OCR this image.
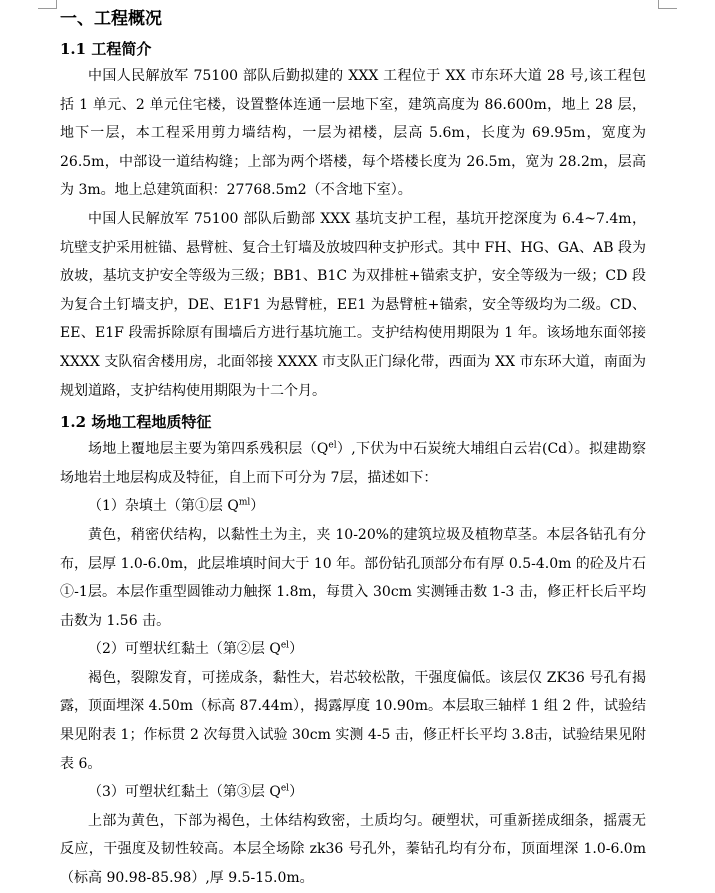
一、工程概况
1.1 工程简介

中国人民解放军 75100 部队后勤拟建的 XXX 工程位于 XX 市东环大道 28 号,该工程包括 1 单元、2 单元住宅楼，设置整体连通一层地下室，建筑高度为 86.600m，地上 28 层，地下一层，本工程采用剪力墙结构，一层为裙楼，层高 5.6m，长度为 69.95m，宽度为 26.5m，中部设一道结构缝；上部为两个塔楼，每个塔楼长度为 26.5m，宽为 28.2m，层高为 3m。地上总建筑面积：27768.5m2（不含地下室）。

中国人民解放军 75100 部队后勤部 XXX 基坑支护工程，基坑开挖深度为 6.4~7.4m，坑壁支护采用桩锚、悬臂桩、复合土钉墙及放坡四种支护形式。其中 FH、HG、GA、AB 段为放坡，基坑支护安全等级为三级；BB1、B1C 为双排桩+锚索支护，安全等级为一级；CD 段为复合土钉墙支护，DE、E1F1 为悬臂桩，EE1 为悬臂桩+锚索，安全等级均为二级。CD、EE、E1F 段需拆除原有围墙后方进行基坑施工。支护结构使用期限为 1 年。该场地东面邻接 XXXX 支队宿舍楼用房，北面邻接 XXXX 市支队正门绿化带，西面为 XX 市东环大道，南面为规划道路，支护结构使用期限为十二个月。

1.2 场地工程地质特征

场地上覆地层主要为第四系残积层$(Q^{el})$,下伏为中石炭统大埔组白云岩(Cd）。拟建勘察场地岩土地层构成及特征，自上而下可分为 7层，描述如下：

（1）杂填土（第①层 $Q^{ml}$）

黄色，稍密伏结构，以黏性土为主，夹 10-20%的建筑垃圾及植物草茎。本层各钻孔有分布，层厚 1.0-6.0m，此层堆填时间大于 10 年。部份钻孔顶部分布有厚 0.5-4.0m 的砼及片石①-1层。本层作重型圆锥动力触探 1.8m，每贯入 30cm 实测锤击数 1-3 击，修正杆长后平均击数为 1.56 击。

（2）可塑状红黏土（第②层 $Q^{el}$）

褐色，裂隙发育，可搓成条，黏性大，岩芯较松散，干强度偏低。该层仅 ZK36 号孔有揭露，顶面埋深 4.50m（标高 87.44m），揭露厚度 10.90m。本层取三轴样 1 组 2 件，试验结果见附表 1；作标贯 2 次每贯入试验 30cm 实测 4-5 击，修正杆长平均 3.8击，试验结果见附表 6。

（3）可塑状红黏土（第③层 $Q^{el}$）

上部为黄色，下部为褐色，土体结构致密，土质均匀。硬塑状，可重新搓成细条，摇震无反应，干强度及韧性较高。本层全场除 zk36 号孔外，蓁钻孔均有分布，顶面埋深 1.0-6.0m（标高 90.98-85.98）,厚 9.5-15.0m。
